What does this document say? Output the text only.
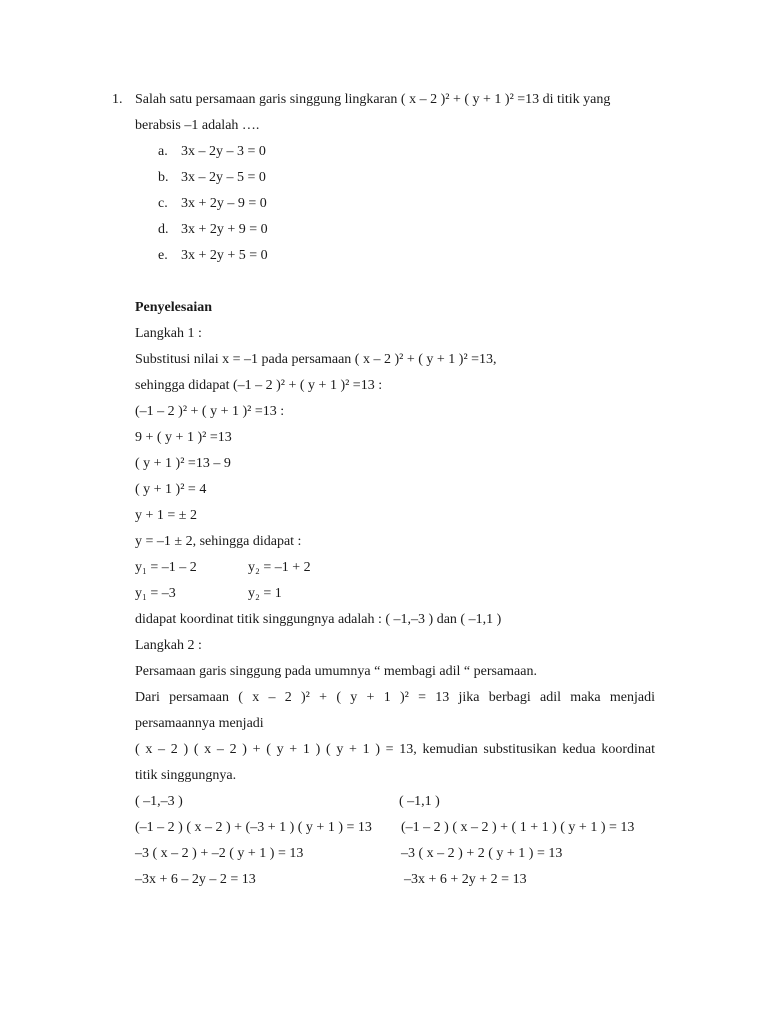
1. Salah satu persamaan garis singgung lingkaran ( x – 2 )² + ( y + 1 )² =13 di titik yang
berabsis –1 adalah ….
a. 3x – 2y – 3 = 0
b. 3x – 2y – 5 = 0
c. 3x + 2y – 9 = 0
d. 3x + 2y + 9 = 0
e. 3x + 2y + 5 = 0
Penyelesaian
Langkah 1 :
Substitusi nilai x = –1 pada persamaan ( x – 2 )² + ( y + 1 )² =13,
sehingga didapat (–1 – 2 )² + ( y + 1 )² =13 :
(–1 – 2 )² + ( y + 1 )² =13 :
9 + ( y + 1 )² =13
( y + 1 )² =13 – 9
( y + 1 )² = 4
y + 1 = ± 2
y = –1 ± 2, sehingga didapat :
y₁ = –1 – 2	y₂ = –1 + 2
y₁ = –3	y₂ = 1
didapat koordinat titik singgungnya adalah : ( –1,–3 ) dan ( –1,1 )
Langkah 2 :
Persamaan garis singgung pada umumnya “ membagi adil “ persamaan.
Dari persamaan ( x – 2 )² + ( y + 1 )² = 13 jika berbagi adil maka menjadi
persamaannya menjadi
( x – 2 ) ( x – 2 ) + ( y + 1 ) ( y + 1 ) = 13, kemudian substitusikan kedua koordinat
titik singgungnya.
( –1,–3 )	( –1,1 )
(–1 – 2 ) ( x – 2 ) + (–3 + 1 ) ( y + 1 ) = 13 (–1 – 2 ) ( x – 2 ) + ( 1 + 1 ) ( y + 1 ) = 13
–3 ( x – 2 ) + –2 ( y + 1 ) = 13	–3 ( x – 2 ) + 2 ( y + 1 ) = 13
–3x + 6 – 2y – 2 = 13	–3x + 6 + 2y + 2 = 13
